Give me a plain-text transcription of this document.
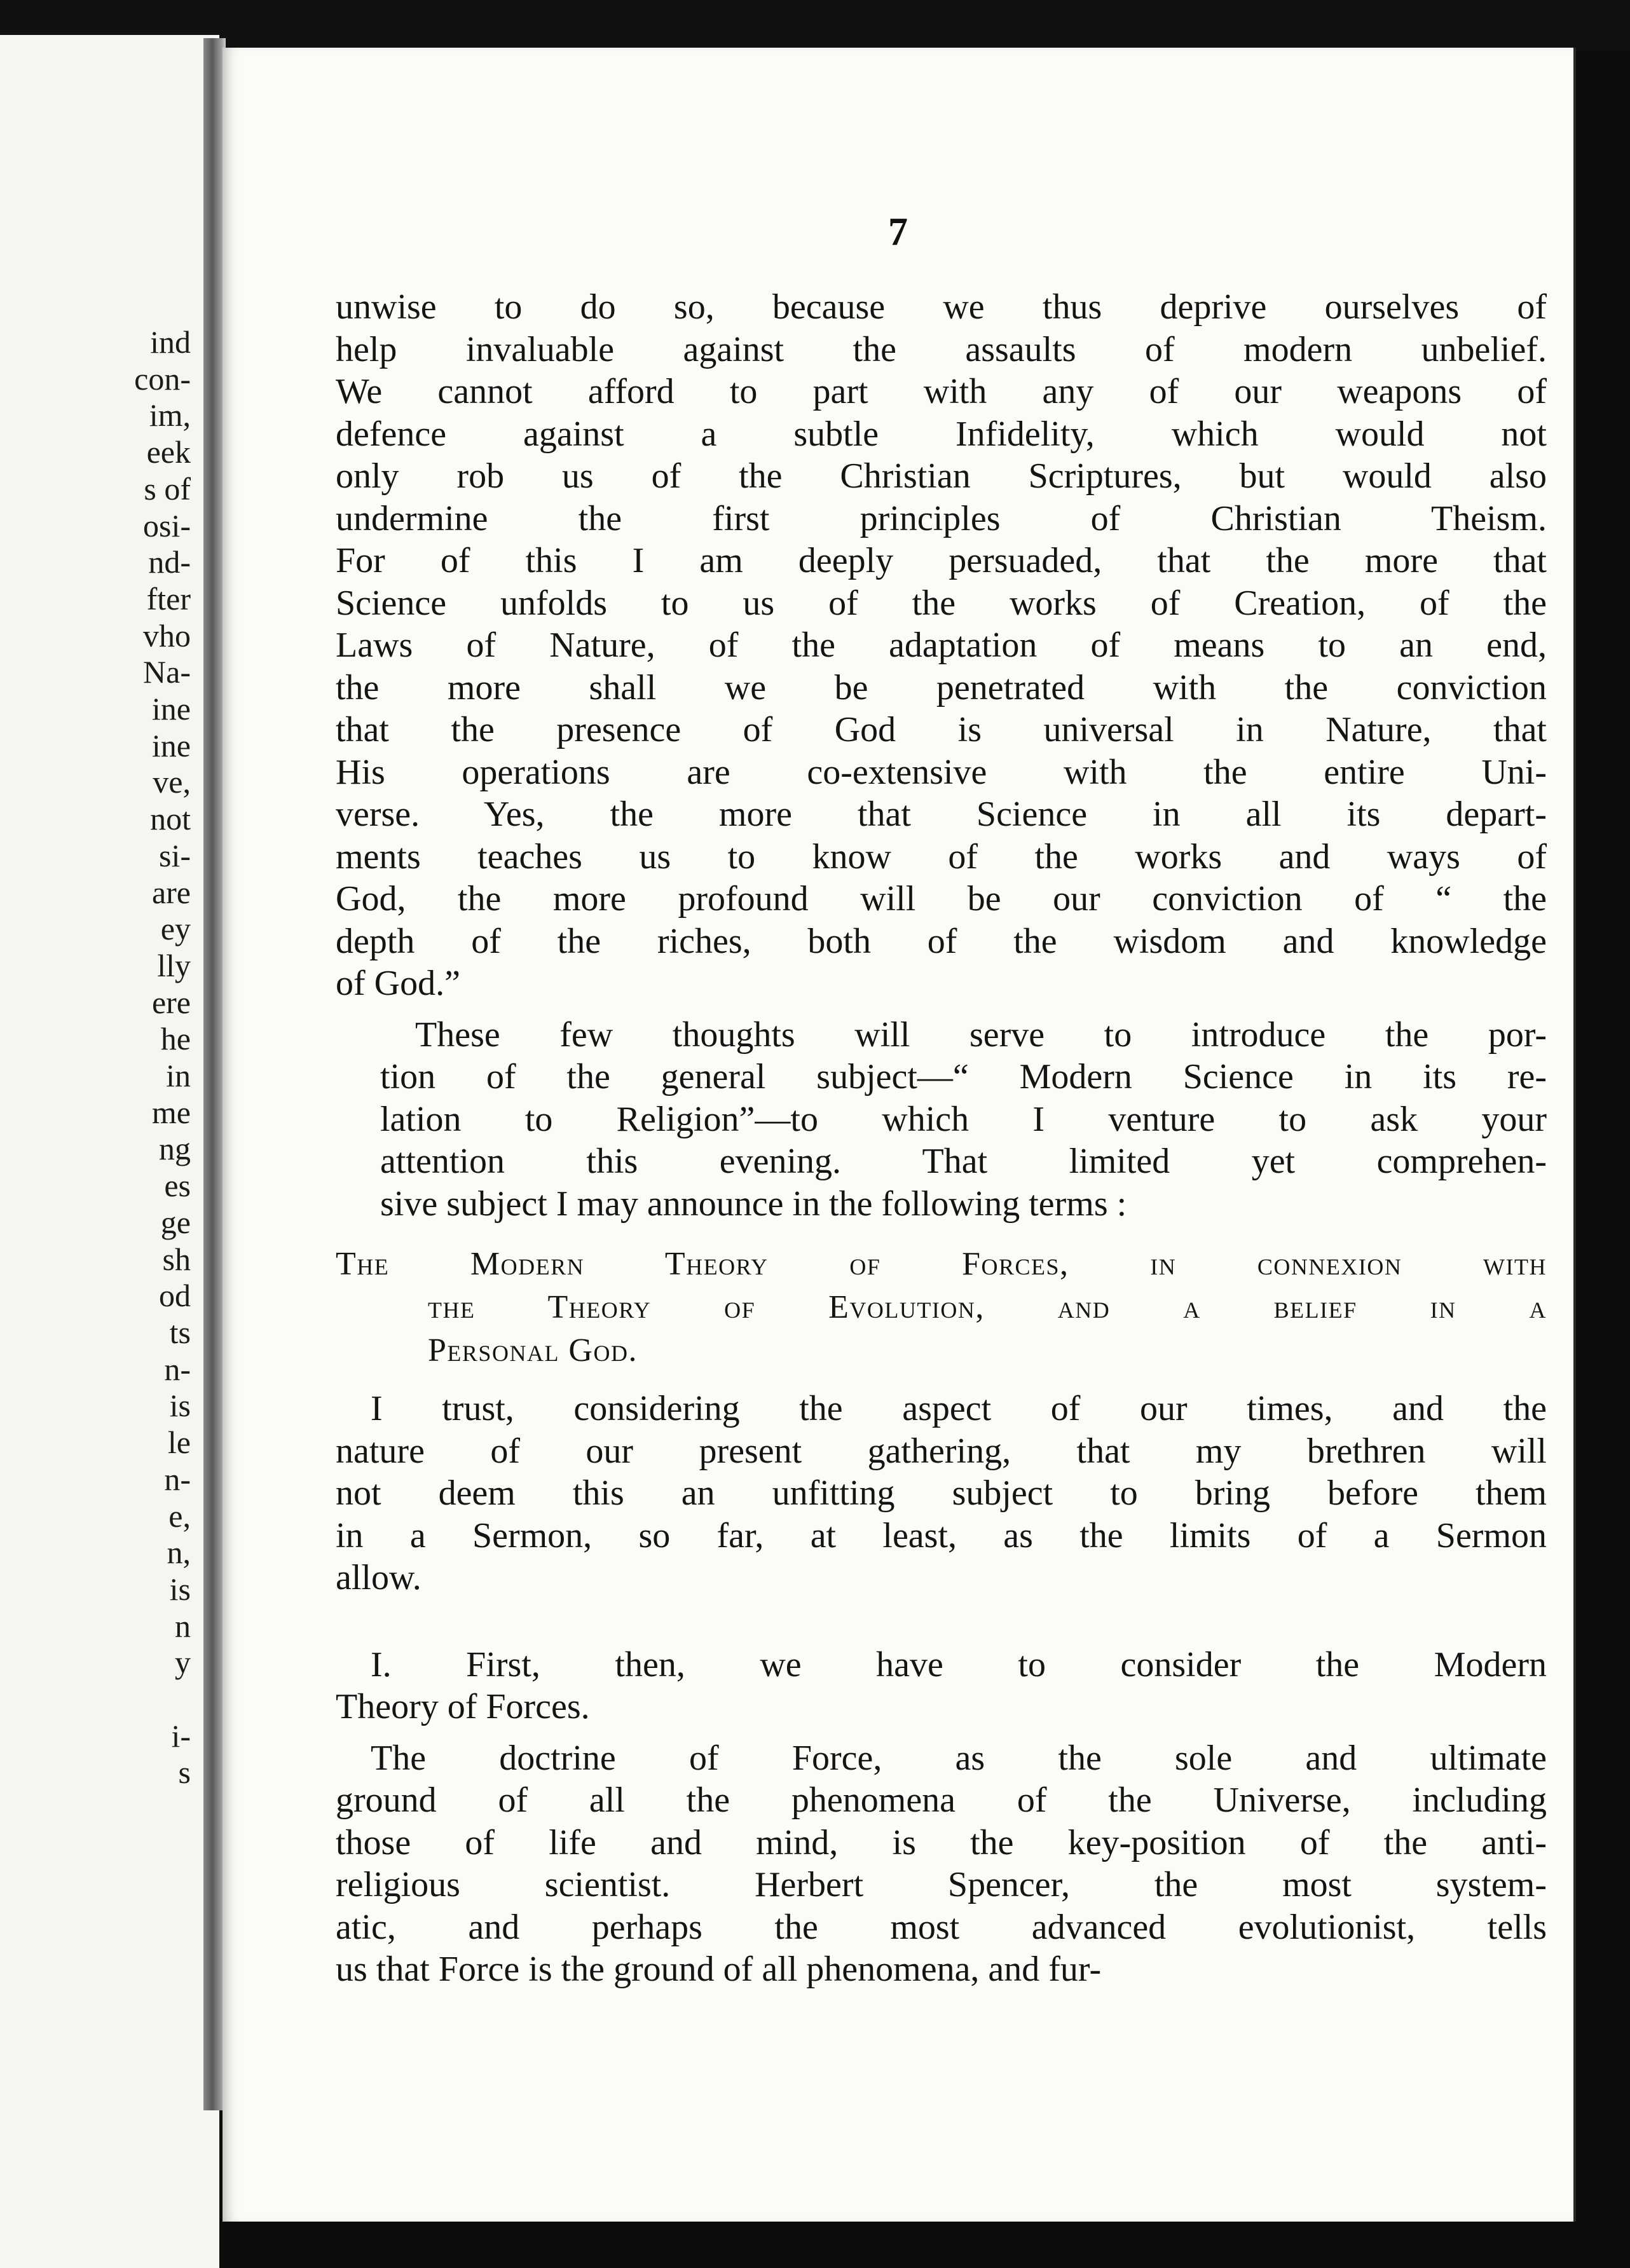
ind
con-
im,
eek
s of
osi-
nd-
fter
vho
Na-
ine
ine
ve,
not
si-
are
ey
lly
ere
he
in
me
ng
es
ge
sh
od
ts
n-
is
le
n-
e,
n,
is
n
y

i-
s

7

unwise to do so, because we thus deprive ourselves of
help invaluable against the assaults of modern unbelief.
We cannot afford to part with any of our weapons of
defence against a subtle Infidelity, which would not
only rob us of the Christian Scriptures, but would also
undermine the first principles of Christian Theism.
For of this I am deeply persuaded, that the more that
Science unfolds to us of the works of Creation, of the
Laws of Nature, of the adaptation of means to an end,
the more shall we be penetrated with the conviction
that the presence of God is universal in Nature, that
His operations are co-extensive with the entire Uni-
verse. Yes, the more that Science in all its depart-
ments teaches us to know of the works and ways of
God, the more profound will be our conviction of “ the
depth of the riches, both of the wisdom and knowledge
of God.”

These few thoughts will serve to introduce the por-
tion of the general subject—“ Modern Science in its re-
lation to Religion”—to which I venture to ask your
attention this evening. That limited yet comprehen-
sive subject I may announce in the following terms :

The Modern Theory of Forces, in connexion with
the Theory of Evolution, and a belief in a
Personal God.

I trust, considering the aspect of our times, and the
nature of our present gathering, that my brethren will
not deem this an unfitting subject to bring before them
in a Sermon, so far, at least, as the limits of a Sermon
allow.

I. First, then, we have to consider the Modern
Theory of Forces.

The doctrine of Force, as the sole and ultimate
ground of all the phenomena of the Universe, including
those of life and mind, is the key-position of the anti-
religious scientist. Herbert Spencer, the most system-
atic, and perhaps the most advanced evolutionist, tells
us that Force is the ground of all phenomena, and fur-
